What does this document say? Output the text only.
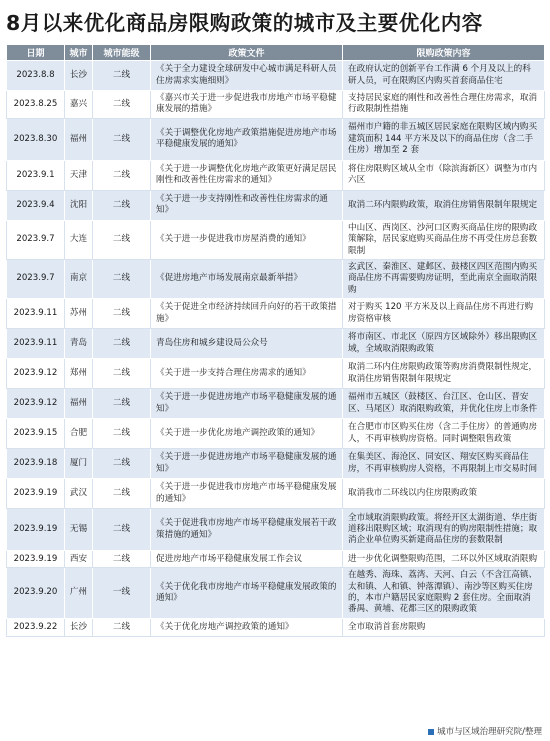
8月以来优化商品房限购政策的城市及主要优化内容
日期	城市	城市能级	政策文件	限购政策内容
2023.8.8	长沙	二线	《关于全力建设全球研发中心城市满足科研人员住房需求实施细则》	在政府认定的创新平台工作满 6 个月及以上的科研人员，可在限购区内购买首套商品住宅
2023.8.25	嘉兴	二线	《嘉兴市关于进一步促进我市房地产市场平稳健康发展的措施》	支持居民家庭的刚性和改善性合理住房需求，取消行政限制性措施
2023.8.30	福州	二线	《关于调整优化房地产政策措施促进房地产市场平稳健康发展的通知》	福州市户籍的非五城区居民家庭在限购区域内购买建筑面积 144 平方米及以下的商品住房（含二手住房）增加至 2 套
2023.9.1	天津	二线	《关于进一步调整优化房地产政策更好满足居民刚性和改善性住房需求的通知》	将住房限购区域从全市（除滨海新区）调整为市内六区
2023.9.4	沈阳	二线	《关于进一步支持刚性和改善性住房需求的通知》	取消二环内限购政策，取消住房销售限制年限规定
2023.9.7	大连	二线	《关于进一步促进我市房屋消费的通知》	中山区、西岗区、沙河口区购买商品住房的限购政策解除，居民家庭购买商品住房不再受住房总套数限制
2023.9.7	南京	二线	《促进房地产市场发展南京最新举措》	玄武区、秦淮区、建邺区、鼓楼区四区范围内购买商品住房不再需要购房证明，至此南京全面取消限购
2023.9.11	苏州	二线	《关于促进全市经济持续回升向好的若干政策措施》	对于购买 120 平方米及以上商品住房不再进行购房资格审核
2023.9.11	青岛	二线	青岛住房和城乡建设局公众号	将市南区、市北区（原四方区域除外）移出限购区域，全域取消限购政策
2023.9.12	郑州	二线	《关于进一步支持合理住房需求的通知》	取消二环内住房限购政策等购房消费限制性规定，取消住房销售限制年限规定
2023.9.12	福州	二线	《关于进一步促进房地产市场平稳健康发展的通知》	福州市五城区（鼓楼区、台江区、仓山区、晋安区、马尾区）取消限购政策，并优化住房上市条件
2023.9.15	合肥	二线	《关于进一步优化房地产调控政策的通知》	在合肥市市区购买住房（含二手住房）的普通购房人，不再审核购房资格。同时调整限售政策
2023.9.18	厦门	二线	《关于进一步促进房地产市场平稳健康发展的通知》	在集美区、海沧区、同安区、翔安区购买商品住房，不再审核购房人资格，不再限制上市交易时间
2023.9.19	武汉	二线	《关于进一步促进我市房地产市场平稳健康发展的通知》	取消我市二环线以内住房限购政策
2023.9.19	无锡	二线	《关于促进我市房地产市场平稳健康发展若干政策措施的通知》	全市域取消限购政策。将经开区太湖街道、华庄街道移出限购区域；取消现有的购房限制性措施；取消企业单位购买新建商品住房的套数限制
2023.9.19	西安	二线	促进房地产市场平稳健康发展工作会议	进一步优化调整限购范围，二环以外区域取消限购
2023.9.20	广州	一线	《关于优化我市房地产市场平稳健康发展政策的通知》	在越秀、海珠、荔湾、天河、白云（不含江高镇、太和镇、人和镇、钟落潭镇）、南沙等区购买住房的，本市户籍居民家庭限购 2 套住房。全面取消番禺、黄埔、花都三区的限购政策
2023.9.22	长沙	二线	《关于优化房地产调控政策的通知》	全市取消首套房限购
城市与区域治理研究院/整理
